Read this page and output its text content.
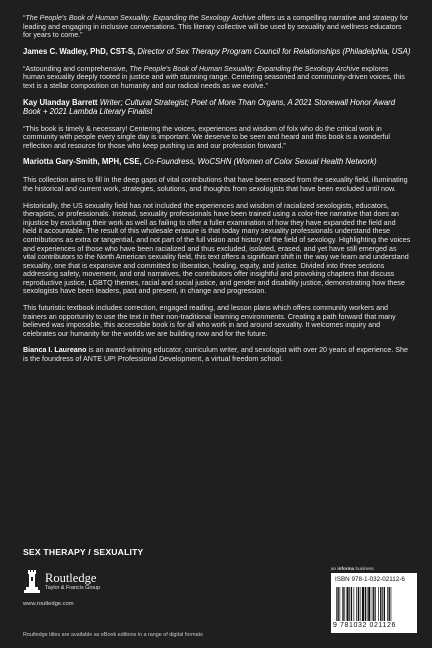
“The People's Book of Human Sexuality: Expanding the Sexology Archive offers us a compelling narrative and strategy for leading and engaging in inclusive conversations. This literary collective will be used by sexuality and wellness educators for years to come.”

James C. Wadley, PhD, CST-S, Director of Sex Therapy Program Council for Relationships (Philadelphia, USA)

“Astounding and comprehensive, The People's Book of Human Sexuality: Expanding the Sexology Archive explores human sexuality deeply rooted in justice and with stunning range. Centering seasoned and community-driven voices, this text is a stellar composition on humanity and our radical needs as we evolve.”

Kay Ulanday Barrett Writer; Cultural Strategist; Poet of More Than Organs, A 2021 Stonewall Honor Award Book + 2021 Lambda Literary Finalist

“This book is timely & necessary! Centering the voices, experiences and wisdom of folx who do the critical work in community with people every single day is important. We deserve to be seen and heard and this book is a wonderful reflection and resource for those who keep pushing us and our profession forward.”

Mariotta Gary-Smith, MPH, CSE, Co-Foundress, WoCSHN (Women of Color Sexual Health Network)

This collection aims to fill in the deep gaps of vital contributions that have been erased from the sexuality field, illuminating the historical and current work, strategies, solutions, and thoughts from sexologists that have been excluded until now.

Historically, the US sexuality field has not included the experiences and wisdom of racialized sexologists, educators, therapists, or professionals. Instead, sexuality professionals have been trained using a color-free narrative that does an injustice by excluding their work as well as failing to offer a fuller examination of how they have expanded the field and held it accountable. The result of this wholesale erasure is that today many sexuality professionals understand these contributions as extra or tangential, and not part of the full vision and history of the field of sexology. Highlighting the voices and experiences of those who have been racialized and thus excluded, isolated, erased, and yet have still emerged as vital contributors to the North American sexuality field, this text offers a significant shift in the way we learn and understand sexuality, one that is expansive and committed to liberation, healing, equity, and justice. Divided into three sections addressing safety, movement, and oral narratives, the contributors offer insightful and provoking chapters that discuss reproductive justice, LGBTQ themes, racial and social justice, and gender and disability justice, demonstrating how these sexologists have been leaders, past and present, in change and progression.

This futuristic textbook includes correction, engaged reading, and lesson plans which offers community workers and trainers an opportunity to use the text in their non-traditional learning environments. Creating a path forward that many believed was impossible, this accessible book is for all who work in and around sexuality. It welcomes inquiry and celebrates our humanity for the worlds we are building now and for the future.

Bianca I. Laureano is an award-winning educator, curriculum writer, and sexologist with over 20 years of experience. She is the foundress of ANTE UP! Professional Development, a virtual freedom school.

SEX THERAPY / SEXUALITY
an informa business
Routledge
Taylor & Francis Group
www.routledge.com
ISBN 978-1-032-02112-6
9 781032 021126
Routledge titles are available as eBook editions in a range of digital formats
